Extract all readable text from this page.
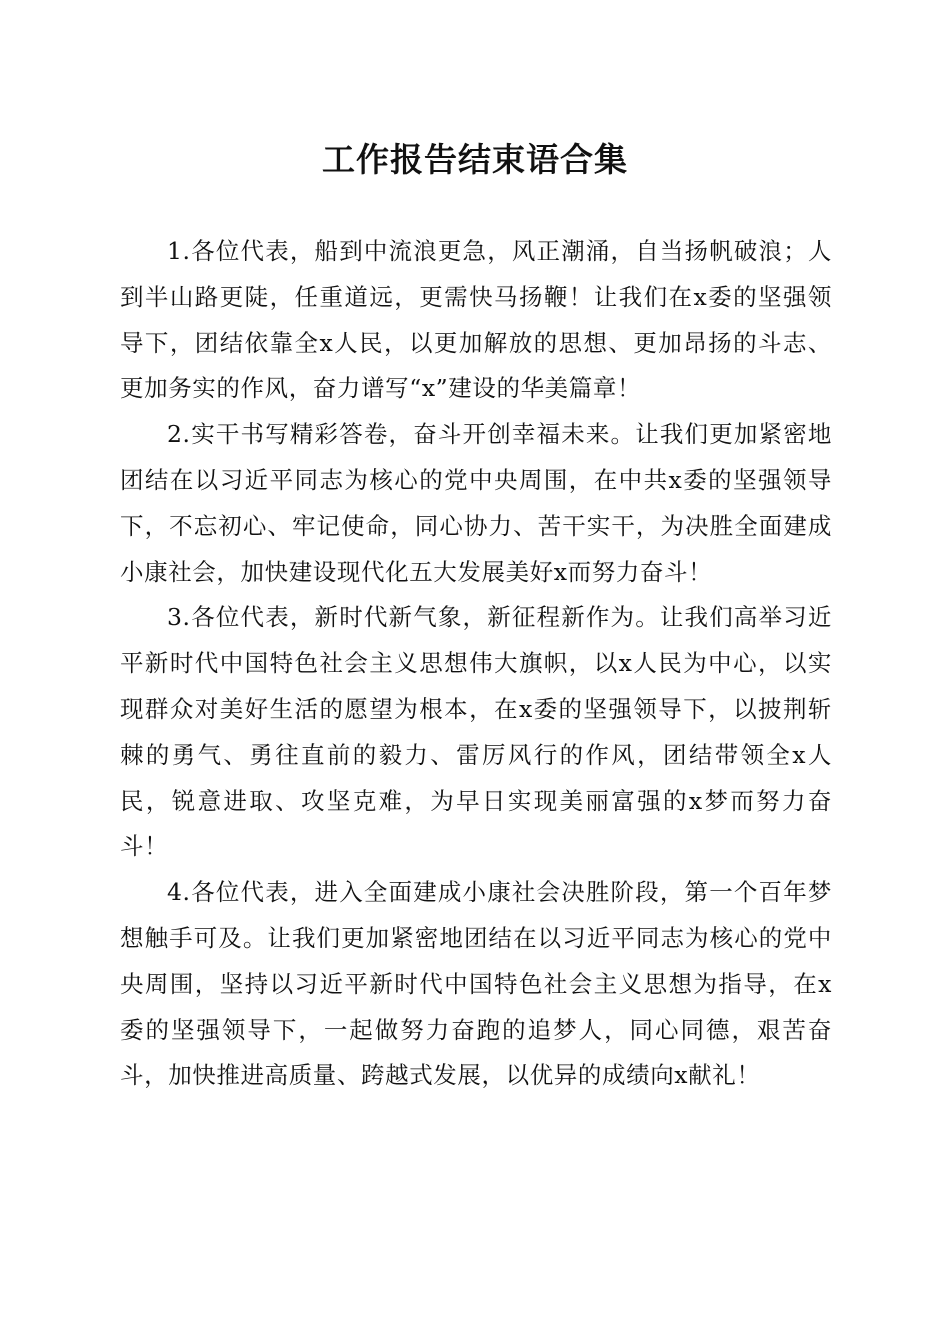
工作报告结束语合集

1.各位代表，船到中流浪更急，风正潮涌，自当扬帆破浪；人到半山路更陡，任重道远，更需快马扬鞭！让我们在x委的坚强领导下，团结依靠全x人民，以更加解放的思想、更加昂扬的斗志、更加务实的作风，奋力谱写“x”建设的华美篇章！

2.实干书写精彩答卷，奋斗开创幸福未来。让我们更加紧密地团结在以习近平同志为核心的党中央周围，在中共x委的坚强领导下，不忘初心、牢记使命，同心协力、苦干实干，为决胜全面建成小康社会，加快建设现代化五大发展美好x而努力奋斗！

3.各位代表，新时代新气象，新征程新作为。让我们高举习近平新时代中国特色社会主义思想伟大旗帜，以x人民为中心，以实现群众对美好生活的愿望为根本，在x委的坚强领导下，以披荆斩棘的勇气、勇往直前的毅力、雷厉风行的作风，团结带领全x人民，锐意进取、攻坚克难，为早日实现美丽富强的x梦而努力奋斗！

4.各位代表，进入全面建成小康社会决胜阶段，第一个百年梦想触手可及。让我们更加紧密地团结在以习近平同志为核心的党中央周围，坚持以习近平新时代中国特色社会主义思想为指导，在x委的坚强领导下，一起做努力奋跑的追梦人，同心同德，艰苦奋斗，加快推进高质量、跨越式发展，以优异的成绩向x献礼！
